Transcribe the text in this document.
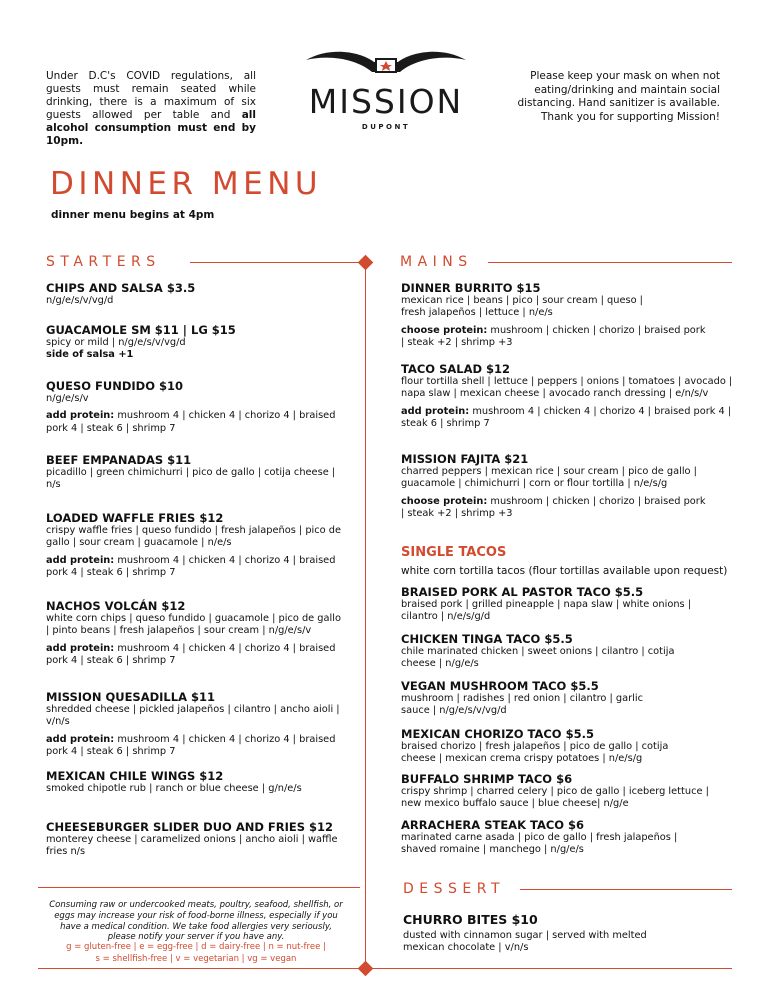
Under D.C's COVID regulations, all guests must remain seated while drinking, there is a maximum of six guests allowed per table and all alcohol consumption must end by 10pm.
MISSION
DUPONT
Please keep your mask on when not eating/drinking and maintain social distancing. Hand sanitizer is available. Thank you for supporting Mission!
DINNER MENU
dinner menu begins at 4pm
STARTERS	MAINS
CHIPS AND SALSA $3.5
n/g/e/s/v/vg/d
GUACAMOLE SM $11 | LG $15
spicy or mild | n/g/e/s/v/vg/d
side of salsa +1
QUESO FUNDIDO $10
n/g/e/s/v
add protein: mushroom 4 | chicken 4 | chorizo 4 | braised pork 4 | steak 6 | shrimp 7
BEEF EMPANADAS $11
picadillo | green chimichurri | pico de gallo | cotija cheese | n/s
LOADED WAFFLE FRIES $12
crispy waffle fries | queso fundido | fresh jalapeños | pico de gallo | sour cream | guacamole | n/e/s
add protein: mushroom 4 | chicken 4 | chorizo 4 | braised pork 4 | steak 6 | shrimp 7
NACHOS VOLCÁN $12
white corn chips | queso fundido | guacamole | pico de gallo | pinto beans | fresh jalapeños | sour cream | n/g/e/s/v
add protein: mushroom 4 | chicken 4 | chorizo 4 | braised pork 4 | steak 6 | shrimp 7
MISSION QUESADILLA $11
shredded cheese | pickled jalapeños | cilantro | ancho aioli | v/n/s
add protein: mushroom 4 | chicken 4 | chorizo 4 | braised pork 4 | steak 6 | shrimp 7
MEXICAN CHILE WINGS $12
smoked chipotle rub | ranch or blue cheese | g/n/e/s
CHEESEBURGER SLIDER DUO AND FRIES $12
monterey cheese | caramelized onions | ancho aioli | waffle fries n/s
DINNER BURRITO $15
mexican rice | beans | pico | sour cream | queso | fresh jalapeños | lettuce | n/e/s
choose protein: mushroom | chicken | chorizo | braised pork | steak +2 | shrimp +3
TACO SALAD $12
flour tortilla shell | lettuce | peppers | onions | tomatoes | avocado | napa slaw | mexican cheese | avocado ranch dressing | e/n/s/v
add protein: mushroom 4 | chicken 4 | chorizo 4 | braised pork 4 | steak 6 | shrimp 7
MISSION FAJITA $21
charred peppers | mexican rice | sour cream | pico de gallo | guacamole | chimichurri | corn or flour tortilla | n/e/s/g
choose protein: mushroom | chicken | chorizo | braised pork | steak +2 | shrimp +3
SINGLE TACOS
white corn tortilla tacos (flour tortillas available upon request)
BRAISED PORK AL PASTOR TACO $5.5
braised pork | grilled pineapple | napa slaw | white onions | cilantro | n/e/s/g/d
CHICKEN TINGA TACO $5.5
chile marinated chicken | sweet onions | cilantro | cotija cheese | n/g/e/s
VEGAN MUSHROOM TACO $5.5
mushroom | radishes | red onion | cilantro | garlic sauce | n/g/e/s/v/vg/d
MEXICAN CHORIZO TACO $5.5
braised chorizo | fresh jalapeños | pico de gallo | cotija cheese | mexican crema crispy potatoes | n/e/s/g
BUFFALO SHRIMP TACO $6
crispy shrimp | charred celery | pico de gallo | iceberg lettuce | new mexico buffalo sauce | blue cheese| n/g/e
ARRACHERA STEAK TACO $6
marinated carne asada | pico de gallo | fresh jalapeños | shaved romaine | manchego | n/g/e/s
DESSERT
CHURRO BITES $10
dusted with cinnamon sugar | served with melted mexican chocolate | v/n/s
Consuming raw or undercooked meats, poultry, seafood, shellfish, or eggs may increase your risk of food-borne illness, especially if you have a medical condition. We take food allergies very seriously, please notify your server if you have any.
g = gluten-free | e = egg-free | d = dairy-free | n = nut-free |
s = shellfish-free | v = vegetarian | vg = vegan
